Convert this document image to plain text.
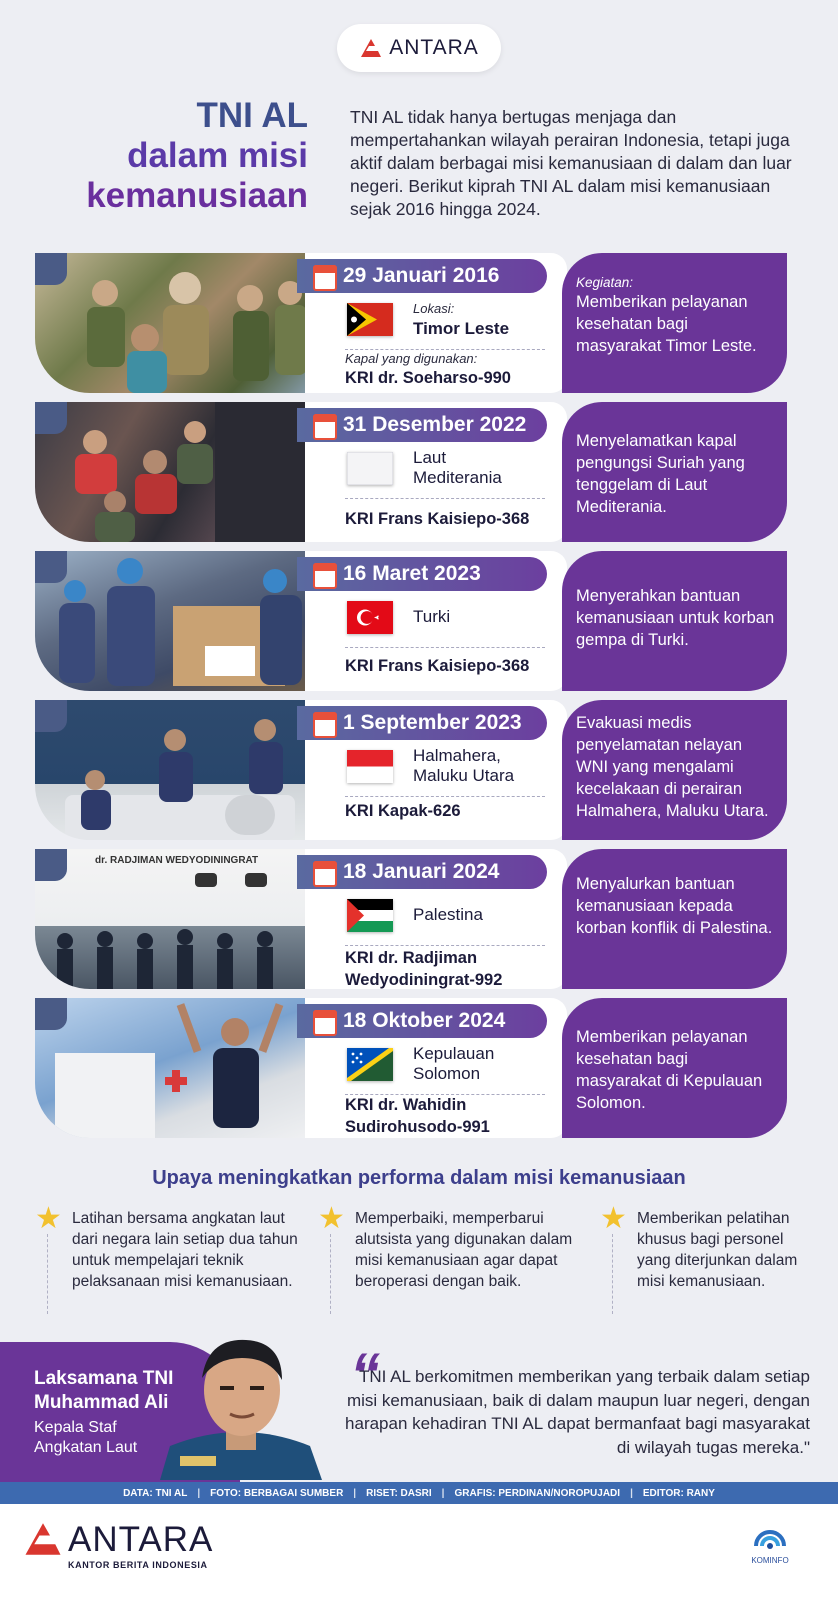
ANTARA
TNI AL
dalam misi
kemanusiaan
TNI AL tidak hanya bertugas menjaga dan mempertahankan wilayah perairan Indonesia, tetapi juga aktif dalam berbagai misi kemanusiaan di dalam dan luar negeri. Berikut kiprah TNI AL dalam misi kemanusiaan sejak 2016 hingga 2024.
29 Januari 2016
Lokasi:
Timor Leste
Kapal yang digunakan:
KRI dr. Soeharso-990
Kegiatan:
Memberikan pelayanan kesehatan bagi masyarakat Timor Leste.
31 Desember 2022
Laut Mediterania
KRI Frans Kaisiepo-368
Menyelamatkan kapal pengungsi Suriah yang tenggelam di Laut Mediterania.
16 Maret 2023
Turki
KRI Frans Kaisiepo-368
Menyerahkan bantuan kemanusiaan untuk korban gempa di Turki.
1 September 2023
Halmahera, Maluku Utara
KRI Kapak-626
Evakuasi medis penyelamatan nelayan WNI yang mengalami kecelakaan di perairan Halmahera, Maluku Utara.
dr. RADJIMAN WEDYODININGRAT	18 Januari 2024
Palestina
KRI dr. Radjiman Wedyodiningrat-992
Menyalurkan bantuan kemanusiaan kepada korban konflik di Palestina.
18 Oktober 2024
Kepulauan Solomon
KRI dr. Wahidin Sudirohusodo-991
Memberikan pelayanan kesehatan bagi masyarakat di Kepulauan Solomon.
Upaya meningkatkan performa dalam misi kemanusiaan
★ Latihan bersama angkatan laut dari negara lain setiap dua tahun untuk mempelajari teknik pelaksanaan misi kemanusiaan.
★ Memperbaiki, memperbarui alutsista yang digunakan dalam misi kemanusiaan agar dapat beroperasi dengan baik.
★ Memberikan pelatihan khusus bagi personel yang diterjunkan dalam misi kemanusiaan.
Laksamana TNI Muhammad Ali
Kepala Staf Angkatan Laut
“
TNI AL berkomitmen memberikan yang terbaik dalam setiap misi kemanusiaan, baik di dalam maupun luar negeri, dengan harapan kehadiran TNI AL dapat bermanfaat bagi masyarakat di wilayah tugas mereka."
DATA: TNI AL | FOTO: BERBAGAI SUMBER | RISET: DASRI | GRAFIS: PERDINAN/NOROPUJADI | EDITOR: RANY
ANTARA
KANTOR BERITA INDONESIA	KOMINFO
